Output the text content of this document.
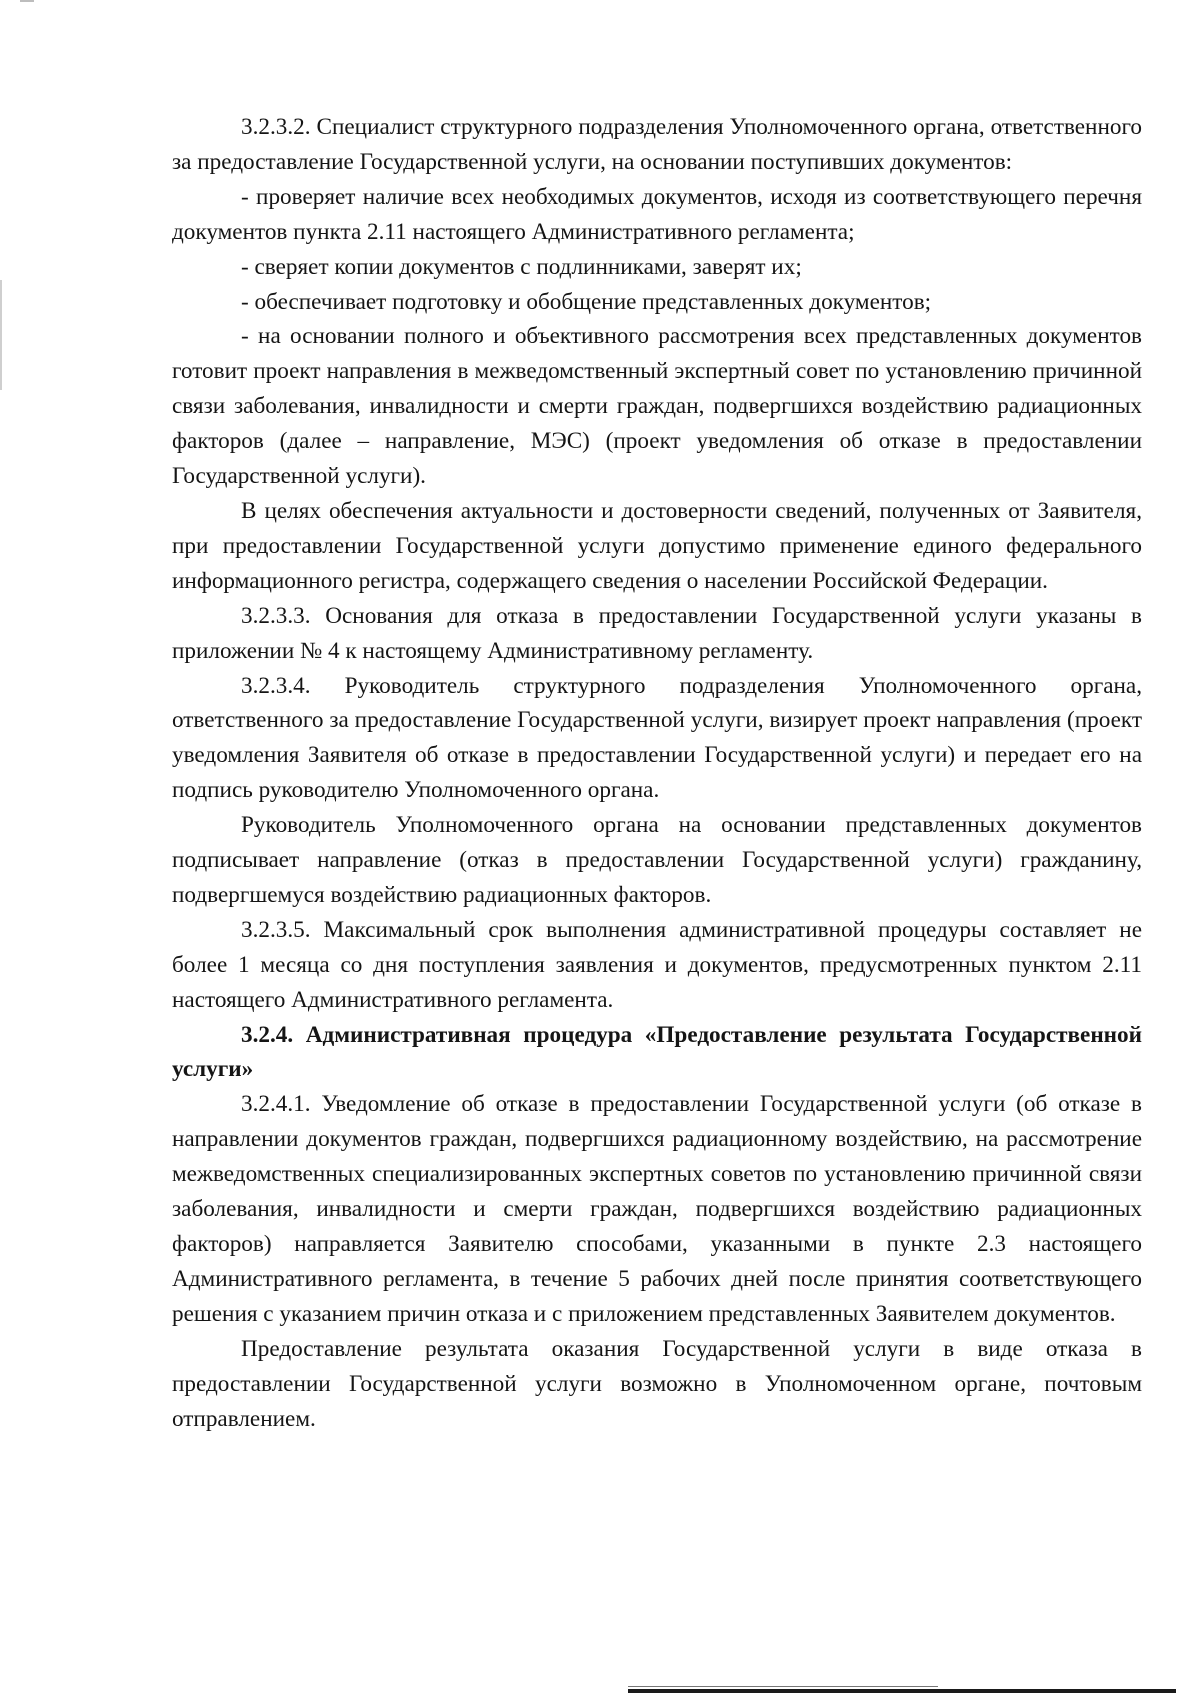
3.2.3.2. Специалист структурного подразделения Уполномоченного органа, ответственного за предоставление Государственной услуги, на основании поступивших документов:

- проверяет наличие всех необходимых документов, исходя из соответствующего перечня документов пункта 2.11 настоящего Административного регламента;

- сверяет копии документов с подлинниками, заверят их;

- обеспечивает подготовку и обобщение представленных документов;

- на основании полного и объективного рассмотрения всех представленных документов готовит проект направления в межведомственный экспертный совет по установлению причинной связи заболевания, инвалидности и смерти граждан, подвергшихся воздействию радиационных факторов (далее – направление, МЭС) (проект уведомления об отказе в предоставлении Государственной услуги).

В целях обеспечения актуальности и достоверности сведений, полученных от Заявителя, при предоставлении Государственной услуги допустимо применение единого федерального информационного регистра, содержащего сведения о населении Российской Федерации.

3.2.3.3. Основания для отказа в предоставлении Государственной услуги указаны в приложении № 4 к настоящему Административному регламенту.

3.2.3.4. Руководитель структурного подразделения Уполномоченного органа, ответственного за предоставление Государственной услуги, визирует проект направления (проект уведомления Заявителя об отказе в предоставлении Государственной услуги) и передает его на подпись руководителю Уполномоченного органа.

Руководитель Уполномоченного органа на основании представленных документов подписывает направление (отказ в предоставлении Государственной услуги) гражданину, подвергшемуся воздействию радиационных факторов.

3.2.3.5. Максимальный срок выполнения административной процедуры составляет не более 1 месяца со дня поступления заявления и документов, предусмотренных пунктом 2.11 настоящего Административного регламента.

3.2.4. Административная процедура «Предоставление результата Государственной услуги»

3.2.4.1. Уведомление об отказе в предоставлении Государственной услуги (об отказе в направлении документов граждан, подвергшихся радиационному воздействию, на рассмотрение межведомственных специализированных экспертных советов по установлению причинной связи заболевания, инвалидности и смерти граждан, подвергшихся воздействию радиационных факторов) направляется Заявителю способами, указанными в пункте 2.3 настоящего Административного регламента, в течение 5 рабочих дней после принятия соответствующего решения с указанием причин отказа и с приложением представленных Заявителем документов.

Предоставление результата оказания Государственной услуги в виде отказа в предоставлении Государственной услуги возможно в Уполномоченном органе, почтовым отправлением.
